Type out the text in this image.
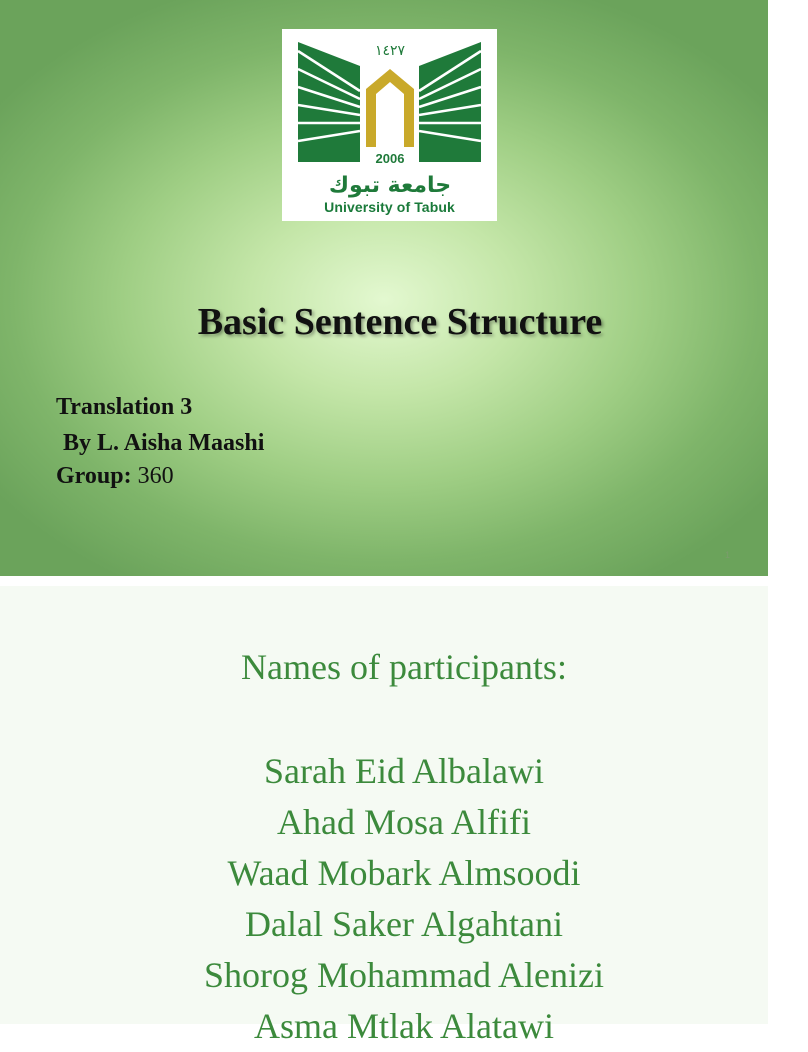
١٤٢٧
2006
جامعة تبوك
University of Tabuk
Basic Sentence Structure
Translation 3
By L. Aisha Maashi
Group: 360
1
Names of participants:
Sarah Eid Albalawi
Ahad Mosa Alfifi
Waad Mobark Almsoodi
Dalal Saker Algahtani
Shorog Mohammad Alenizi
Asma Mtlak Alatawi
